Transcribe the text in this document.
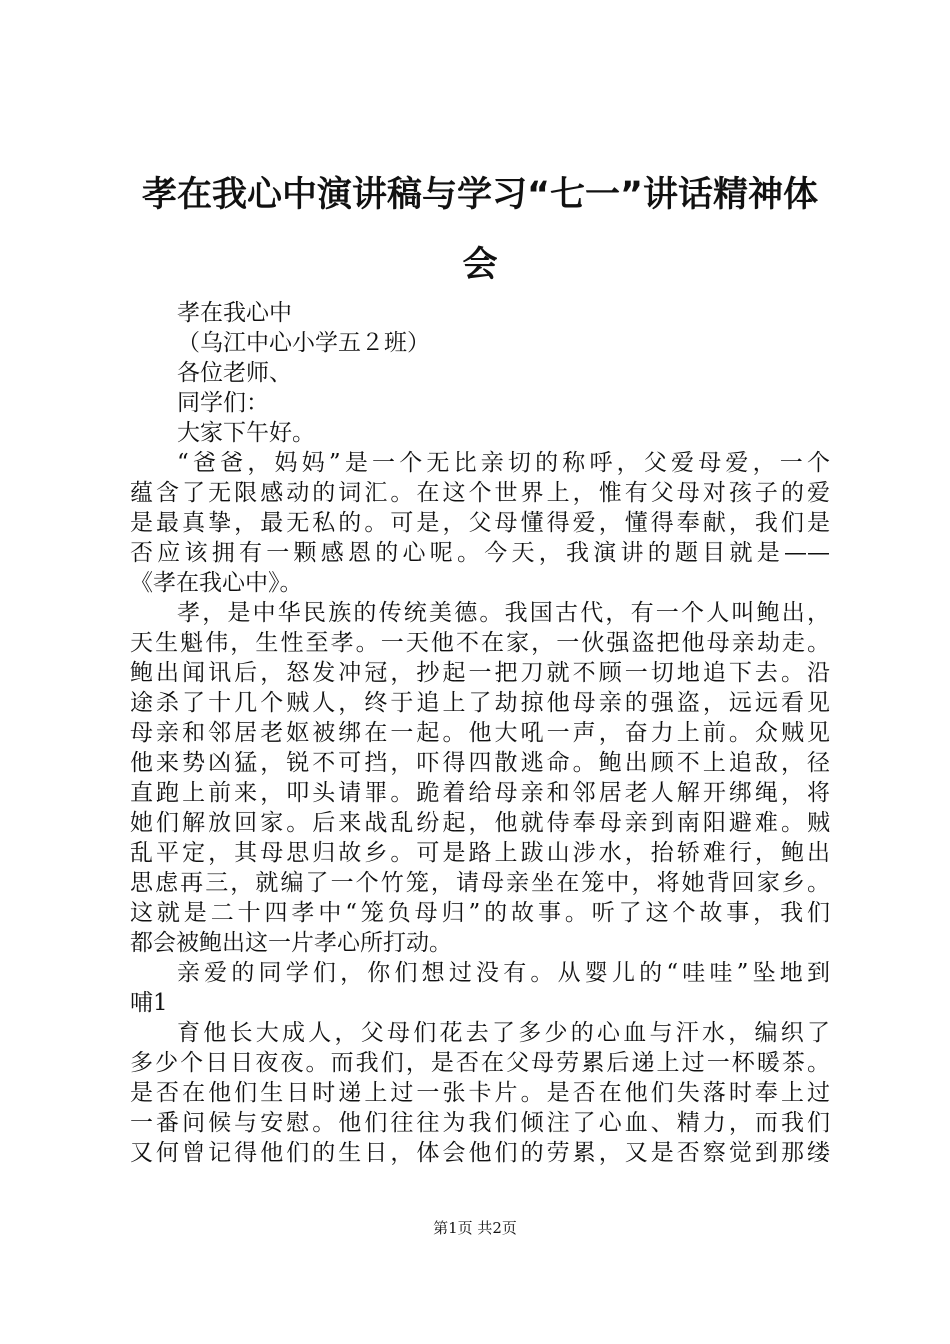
孝在我心中演讲稿与学习“七一”讲话精神体
会
孝在我心中
（乌江中心小学五２班）
各位老师、
同学们：
大家下午好。
“爸爸，妈妈”是一个无比亲切的称呼，父爱母爱，一个
蕴含了无限感动的词汇。在这个世界上，惟有父母对孩子的爱
是最真挚，最无私的。可是，父母懂得爱，懂得奉献，我们是
否应该拥有一颗感恩的心呢。今天，我演讲的题目就是——
《孝在我心中》。
孝，是中华民族的传统美德。我国古代，有一个人叫鲍出，
天生魁伟，生性至孝。一天他不在家，一伙强盗把他母亲劫走。
鲍出闻讯后，怒发冲冠，抄起一把刀就不顾一切地追下去。沿
途杀了十几个贼人，终于追上了劫掠他母亲的强盗，远远看见
母亲和邻居老妪被绑在一起。他大吼一声，奋力上前。众贼见
他来势凶猛，锐不可挡，吓得四散逃命。鲍出顾不上追敌，径
直跑上前来，叩头请罪。跪着给母亲和邻居老人解开绑绳，将
她们解放回家。后来战乱纷起，他就侍奉母亲到南阳避难。贼
乱平定，其母思归故乡。可是路上跋山涉水，抬轿难行，鲍出
思虑再三，就编了一个竹笼，请母亲坐在笼中，将她背回家乡。
这就是二十四孝中“笼负母归”的故事。听了这个故事，我们
都会被鲍出这一片孝心所打动。
亲爱的同学们，你们想过没有。从婴儿的“哇哇”坠地到
哺1
育他长大成人，父母们花去了多少的心血与汗水，编织了
多少个日日夜夜。而我们，是否在父母劳累后递上过一杯暖茶。
是否在他们生日时递上过一张卡片。是否在他们失落时奉上过
一番问候与安慰。他们往往为我们倾注了心血、精力，而我们
又何曾记得他们的生日，体会他们的劳累，又是否察觉到那缕
第1页 共2页
